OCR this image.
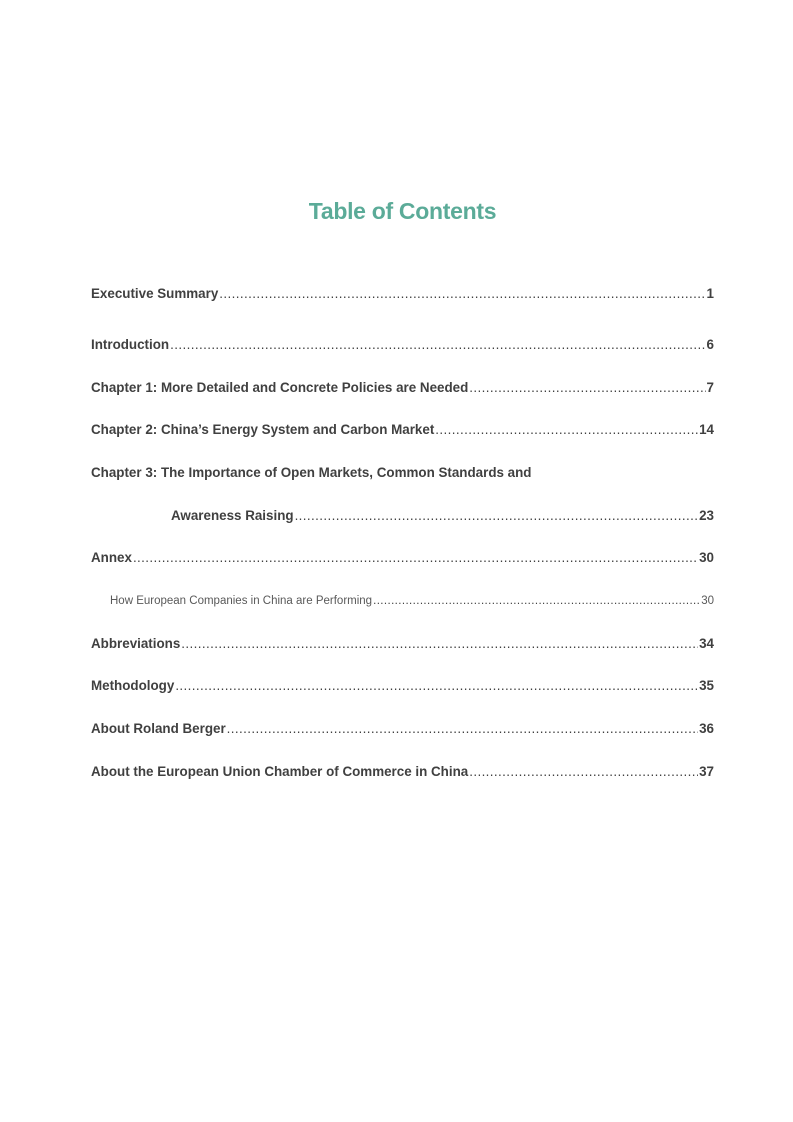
Table of Contents
Executive Summary .....	1
Introduction .....	6
Chapter 1: More Detailed and Concrete Policies are Needed .....	7
Chapter 2: China’s Energy System and Carbon Market .....	14
Chapter 3: The Importance of Open Markets, Common Standards and
Awareness Raising .....	23
Annex .....	30
How European Companies in China are Performing .....	30
Abbreviations .....	34
Methodology .....	35
About Roland Berger .....	36
About the European Union Chamber of Commerce in China .....	37
